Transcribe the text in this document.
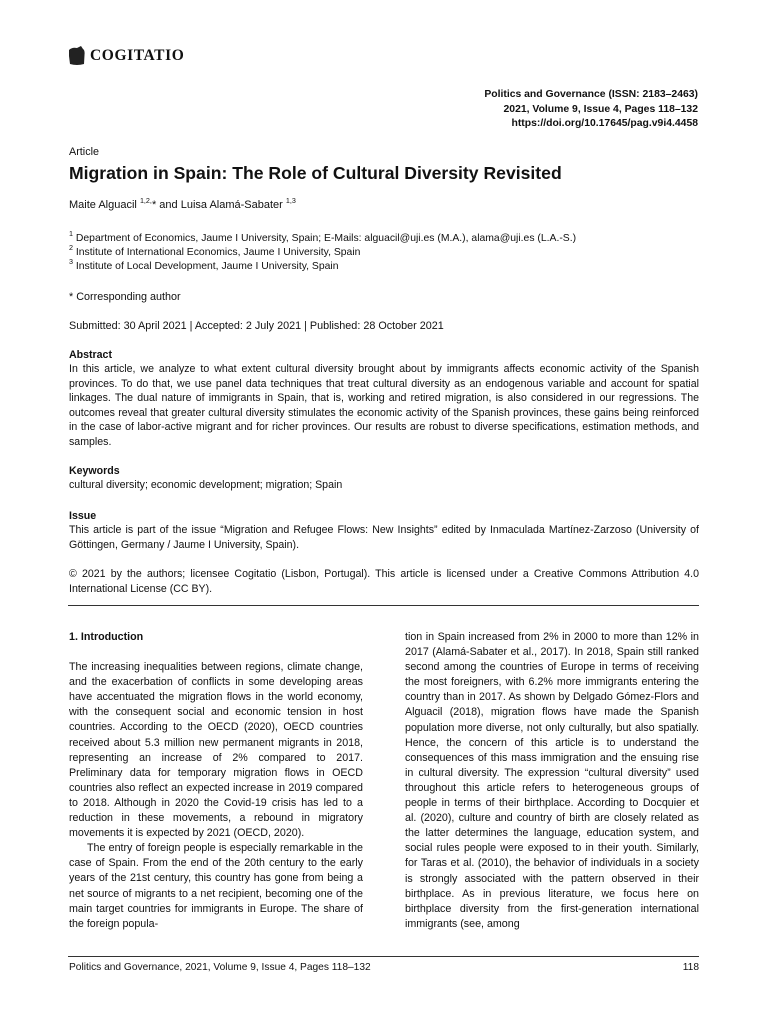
COGITATIO
Politics and Governance (ISSN: 2183–2463)
2021, Volume 9, Issue 4, Pages 118–132
https://doi.org/10.17645/pag.v9i4.4458
Article
Migration in Spain: The Role of Cultural Diversity Revisited
Maite Alguacil $^{1,2,}$* and Luisa Alamá-Sabater $^{1,3}$
$^1$ Department of Economics, Jaume I University, Spain; E-Mails: alguacil@uji.es (M.A.), alama@uji.es (L.A.-S.)
$^2$ Institute of International Economics, Jaume I University, Spain
$^3$ Institute of Local Development, Jaume I University, Spain
* Corresponding author
Submitted: 30 April 2021 | Accepted: 2 July 2021 | Published: 28 October 2021
Abstract
In this article, we analyze to what extent cultural diversity brought about by immigrants affects economic activity of the Spanish provinces. To do that, we use panel data techniques that treat cultural diversity as an endogenous variable and account for spatial linkages. The dual nature of immigrants in Spain, that is, working and retired migration, is also considered in our regressions. The outcomes reveal that greater cultural diversity stimulates the economic activity of the Spanish provinces, these gains being reinforced in the case of labor-active migrant and for richer provinces. Our results are robust to diverse specifications, estimation methods, and samples.
Keywords
cultural diversity; economic development; migration; Spain
Issue
This article is part of the issue “Migration and Refugee Flows: New Insights” edited by Inmaculada Martínez-Zarzoso (University of Göttingen, Germany / Jaume I University, Spain).
© 2021 by the authors; licensee Cogitatio (Lisbon, Portugal). This article is licensed under a Creative Commons Attribution 4.0 International License (CC BY).

1. Introduction

The increasing inequalities between regions, climate change, and the exacerbation of conflicts in some developing areas have accentuated the migration flows in the world economy, with the consequent social and economic tension in host countries. According to the OECD (2020), OECD countries received about 5.3 million new permanent migrants in 2018, representing an increase of 2% compared to 2017. Preliminary data for temporary migration flows in OECD countries also reflect an expected increase in 2019 compared to 2018. Although in 2020 the Covid-19 crisis has led to a reduction in these movements, a rebound in migratory movements it is expected by 2021 (OECD, 2020).

The entry of foreign people is especially remarkable in the case of Spain. From the end of the 20th century to the early years of the 21st century, this country has gone from being a net source of migrants to a net recipient, becoming one of the main target countries for immigrants in Europe. The share of the foreign popula-

tion in Spain increased from 2% in 2000 to more than 12% in 2017 (Alamá-Sabater et al., 2017). In 2018, Spain still ranked second among the countries of Europe in terms of receiving the most foreigners, with 6.2% more immigrants entering the country than in 2017. As shown by Delgado Gómez-Flors and Alguacil (2018), migration flows have made the Spanish population more diverse, not only culturally, but also spatially. Hence, the concern of this article is to understand the consequences of this mass immigration and the ensuing rise in cultural diversity. The expression “cultural diversity” used throughout this article refers to heterogeneous groups of people in terms of their birthplace. According to Docquier et al. (2020), culture and country of birth are closely related as the latter determines the language, education system, and social rules people were exposed to in their youth. Similarly, for Taras et al. (2010), the behavior of individuals in a society is strongly associated with the pattern observed in their birthplace. As in previous literature, we focus here on birthplace diversity from the first-generation international immigrants (see, among

Politics and Governance, 2021, Volume 9, Issue 4, Pages 118–132	118
